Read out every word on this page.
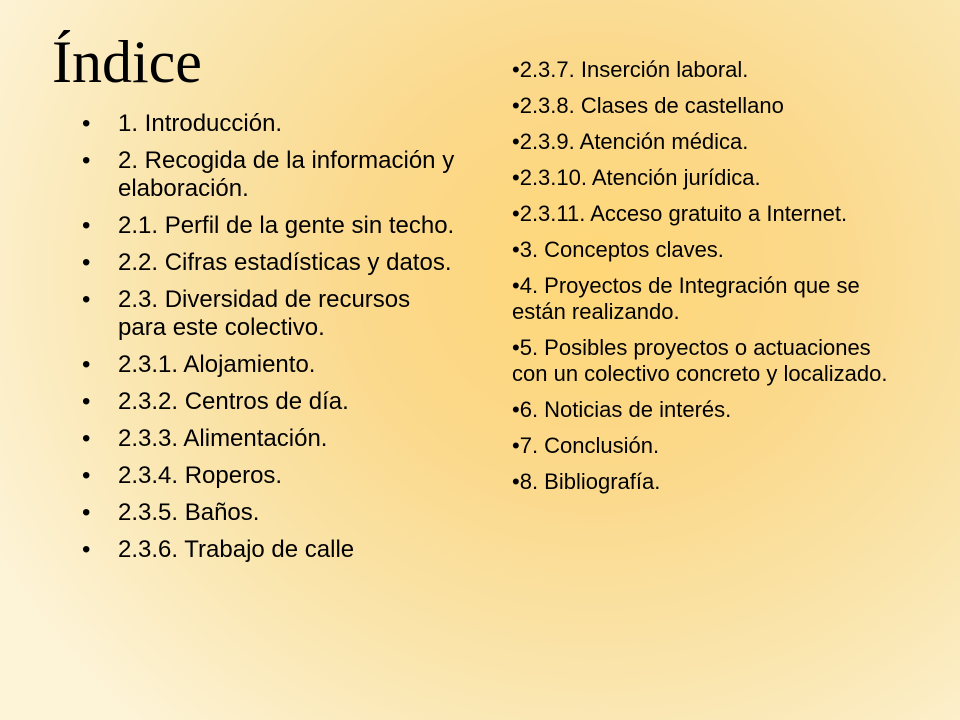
Índice
• 1. Introducción.
• 2. Recogida de la información y elaboración.
• 2.1. Perfil de la gente sin techo.
• 2.2. Cifras estadísticas y datos.
• 2.3. Diversidad de recursos para este colectivo.
• 2.3.1. Alojamiento.
• 2.3.2. Centros de día.
• 2.3.3. Alimentación.
• 2.3.4. Roperos.
• 2.3.5. Baños.
• 2.3.6. Trabajo de calle
•2.3.7. Inserción laboral.
•2.3.8. Clases de castellano
•2.3.9. Atención médica.
•2.3.10. Atención jurídica.
•2.3.11. Acceso gratuito a Internet.
•3. Conceptos claves.
•4. Proyectos de Integración que se están realizando.
•5. Posibles proyectos o actuaciones con un colectivo concreto y localizado.
•6. Noticias de interés.
•7. Conclusión.
•8. Bibliografía.
